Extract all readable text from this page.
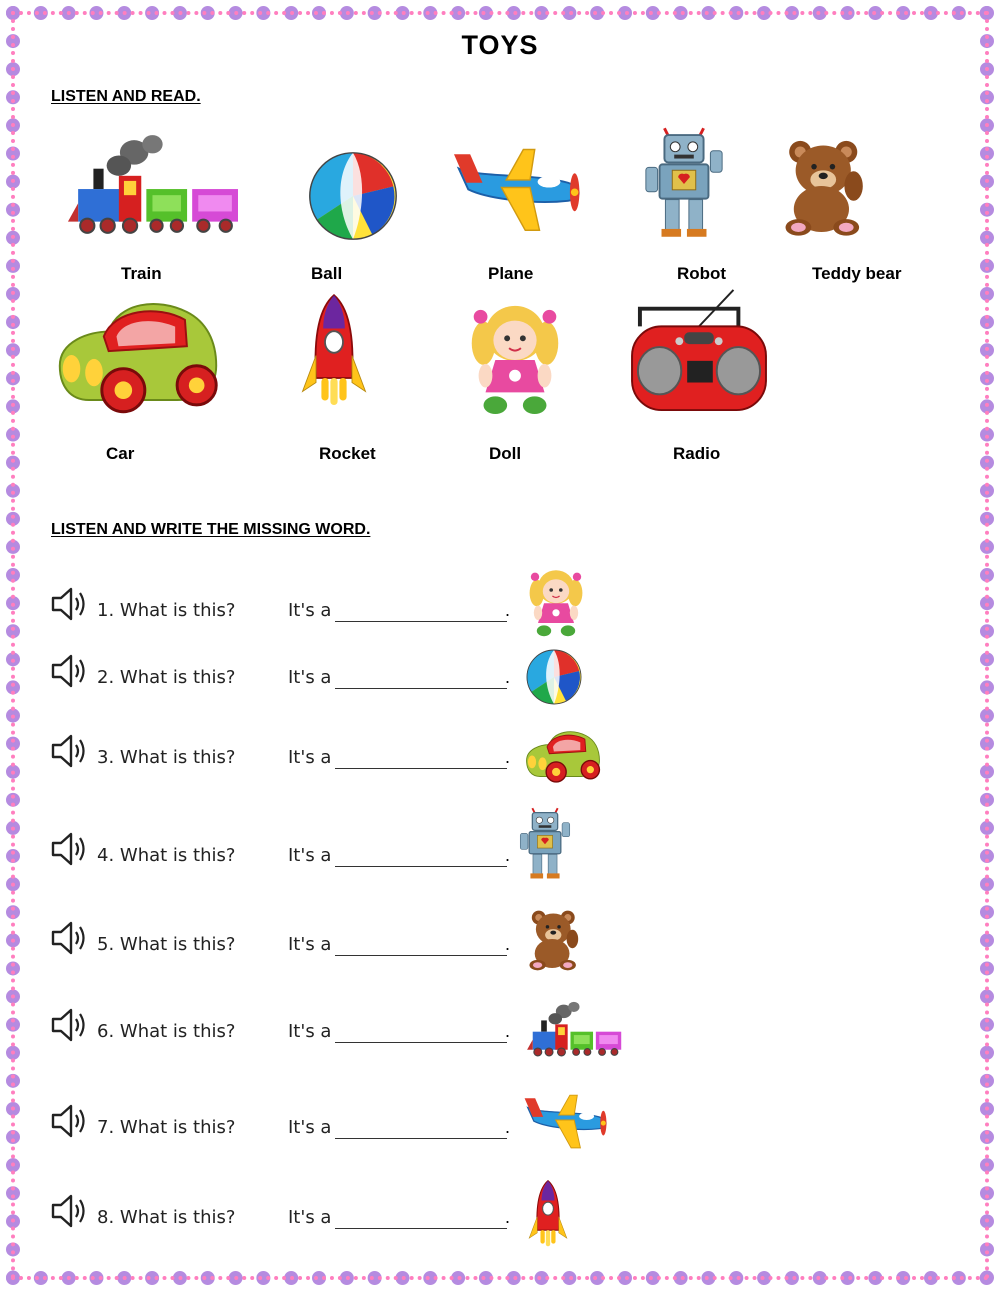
TOYS
LISTEN AND READ.
Train	Ball	Plane	Robot	Teddy bear
Car	Rocket	Doll	Radio
LISTEN AND WRITE THE MISSING WORD.
1. What is this?	It's a	.
2. What is this?	It's a	.
3. What is this?	It's a	.
4. What is this?	It's a	.
5. What is this?	It's a	.
6. What is this?	It's a	.
7. What is this?	It's a	.
8. What is this?	It's a	.
